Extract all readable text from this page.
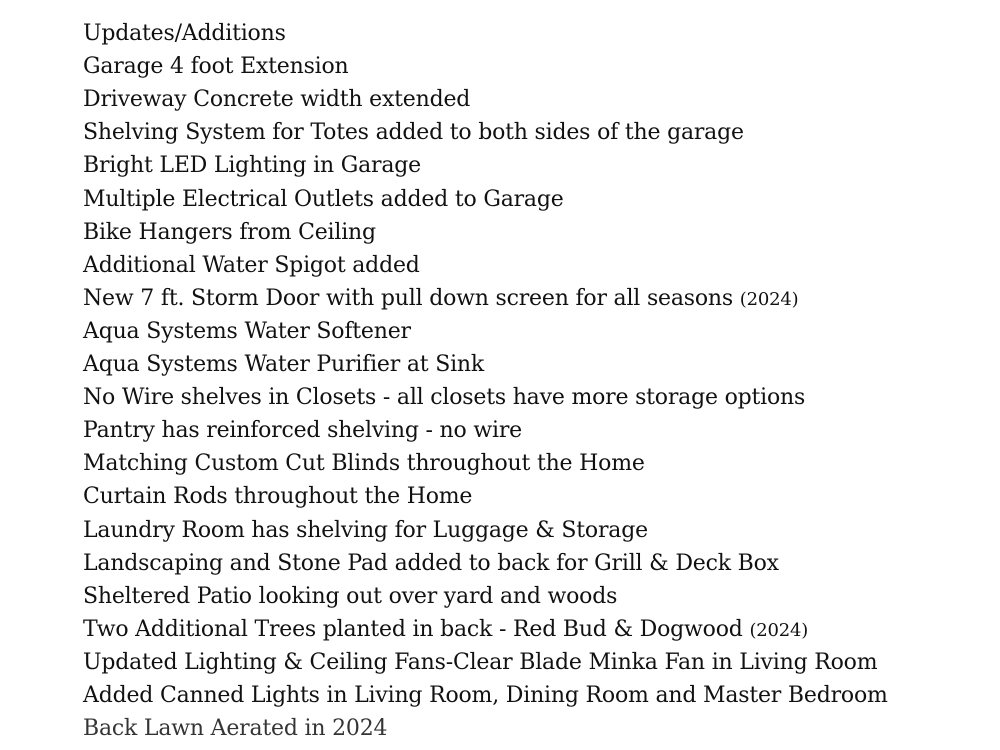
Updates/Additions
Garage 4 foot Extension
Driveway Concrete width extended
Shelving System for Totes added to both sides of the garage
Bright LED Lighting in Garage
Multiple Electrical Outlets added to Garage
Bike Hangers from Ceiling
Additional Water Spigot added
New 7 ft. Storm Door with pull down screen for all seasons (2024)
Aqua Systems Water Softener
Aqua Systems Water Purifier at Sink
No Wire shelves in Closets - all closets have more storage options
Pantry has reinforced shelving - no wire
Matching Custom Cut Blinds throughout the Home
Curtain Rods throughout the Home
Laundry Room has shelving for Luggage & Storage
Landscaping and Stone Pad added to back for Grill & Deck Box
Sheltered Patio looking out over yard and woods
Two Additional Trees planted in back - Red Bud & Dogwood (2024)
Updated Lighting & Ceiling Fans-Clear Blade Minka Fan in Living Room
Added Canned Lights in Living Room, Dining Room and Master Bedroom
Back Lawn Aerated in 2024
